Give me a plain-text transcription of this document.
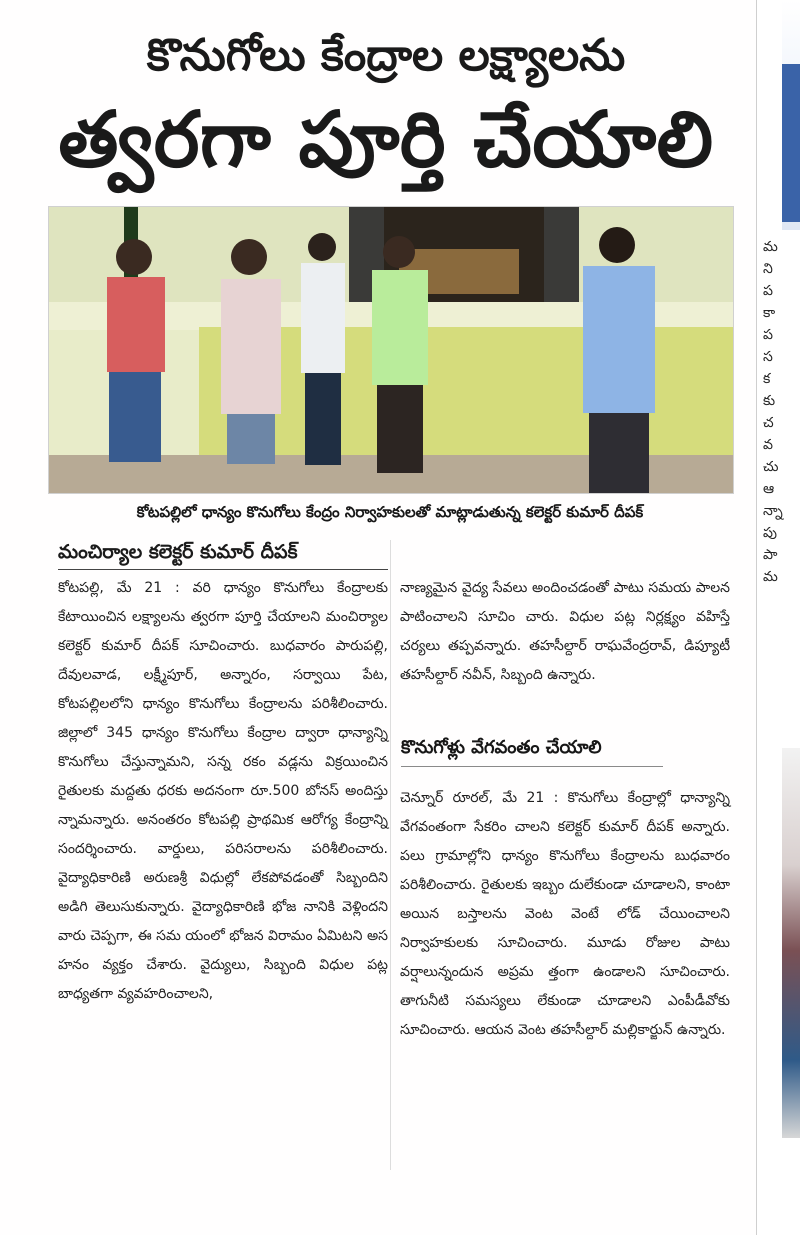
కొనుగోలు కేంద్రాల లక్ష్యాలను
త్వరగా పూర్తి చేయాలి
కోటపల్లిలో ధాన్యం కొనుగోలు కేంద్రం నిర్వాహకులతో మాట్లాడుతున్న కలెక్టర్ కుమార్ దీపక్
మంచిర్యాల కలెక్టర్ కుమార్ దీపక్

కోటపల్లి, మే 21 : వరి ధాన్యం కొనుగోలు కేంద్రాలకు కేటాయించిన లక్ష్యాలను త్వరగా పూర్తి చేయాలని మంచిర్యాల కలెక్టర్ కుమార్ దీపక్ సూచించారు. బుధవారం పారుపల్లి, దేవులవాడ, లక్ష్మీపూర్, అన్నారం, సర్వాయి పేట, కోటపల్లిలలోని ధాన్యం కొనుగోలు కేంద్రాలను పరిశీలించారు. జిల్లాలో 345 ధాన్యం కొనుగోలు కేంద్రాల ద్వారా ధాన్యాన్ని కొనుగోలు చేస్తున్నామని, సన్న రకం వడ్లను విక్రయించిన రైతులకు మద్దతు ధరకు అదనంగా రూ.500 బోనస్ అందిస్తు న్నామన్నారు. అనంతరం కోటపల్లి ప్రాథమిక ఆరోగ్య కేంద్రాన్ని సందర్శించారు. వార్డులు, పరిసరాలను పరిశీలించారు. వైద్యాధికారిణి అరుణశ్రీ విధుల్లో లేకపోవడంతో సిబ్బందిని అడిగి తెలుసుకున్నారు. వైద్యాధికారిణి భోజ నానికి వెళ్లిందని వారు చెప్పగా, ఈ సమ యంలో భోజన విరామం ఏమిటని అస హనం వ్యక్తం చేశారు. వైద్యులు, సిబ్బంది విధుల పట్ల బాధ్యతగా వ్యవహరించాలని,

నాణ్యమైన వైద్య సేవలు అందించడంతో పాటు సమయ పాలన పాటించాలని సూచిం చారు. విధుల పట్ల నిర్లక్ష్యం వహిస్తే చర్యలు తప్పవన్నారు. తహసీల్దార్ రాఘవేంద్రరావ్, డిప్యూటీ తహసీల్దార్ నవీన్, సిబ్బంది ఉన్నారు.

కొనుగోళ్లు వేగవంతం చేయాలి

చెన్నూర్ రూరల్, మే 21 : కొనుగోలు కేంద్రాల్లో ధాన్యాన్ని వేగవంతంగా సేకరిం చాలని కలెక్టర్ కుమార్ దీపక్ అన్నారు. పలు గ్రామాల్లోని ధాన్యం కొనుగోలు కేంద్రాలను బుధవారం పరిశీలించారు. రైతులకు ఇబ్బం దులేకుండా చూడాలని, కాంటా అయిన బస్తాలను వెంట వెంటే లోడ్ చేయించాలని నిర్వాహకులకు సూచించారు. మూడు రోజుల పాటు వర్షాలున్నందున అప్రమ త్తంగా ఉండాలని సూచించారు. తాగునీటి సమస్యలు లేకుండా చూడాలని ఎంపీడీవోకు సూచించారు. ఆయన వెంట తహసీల్దార్ మల్లికార్జున్ ఉన్నారు.

మ
ని
ప
కా
ప
స
క
కు
చ
వ
చు
ఆ
న్నా
పు
పా
మ
